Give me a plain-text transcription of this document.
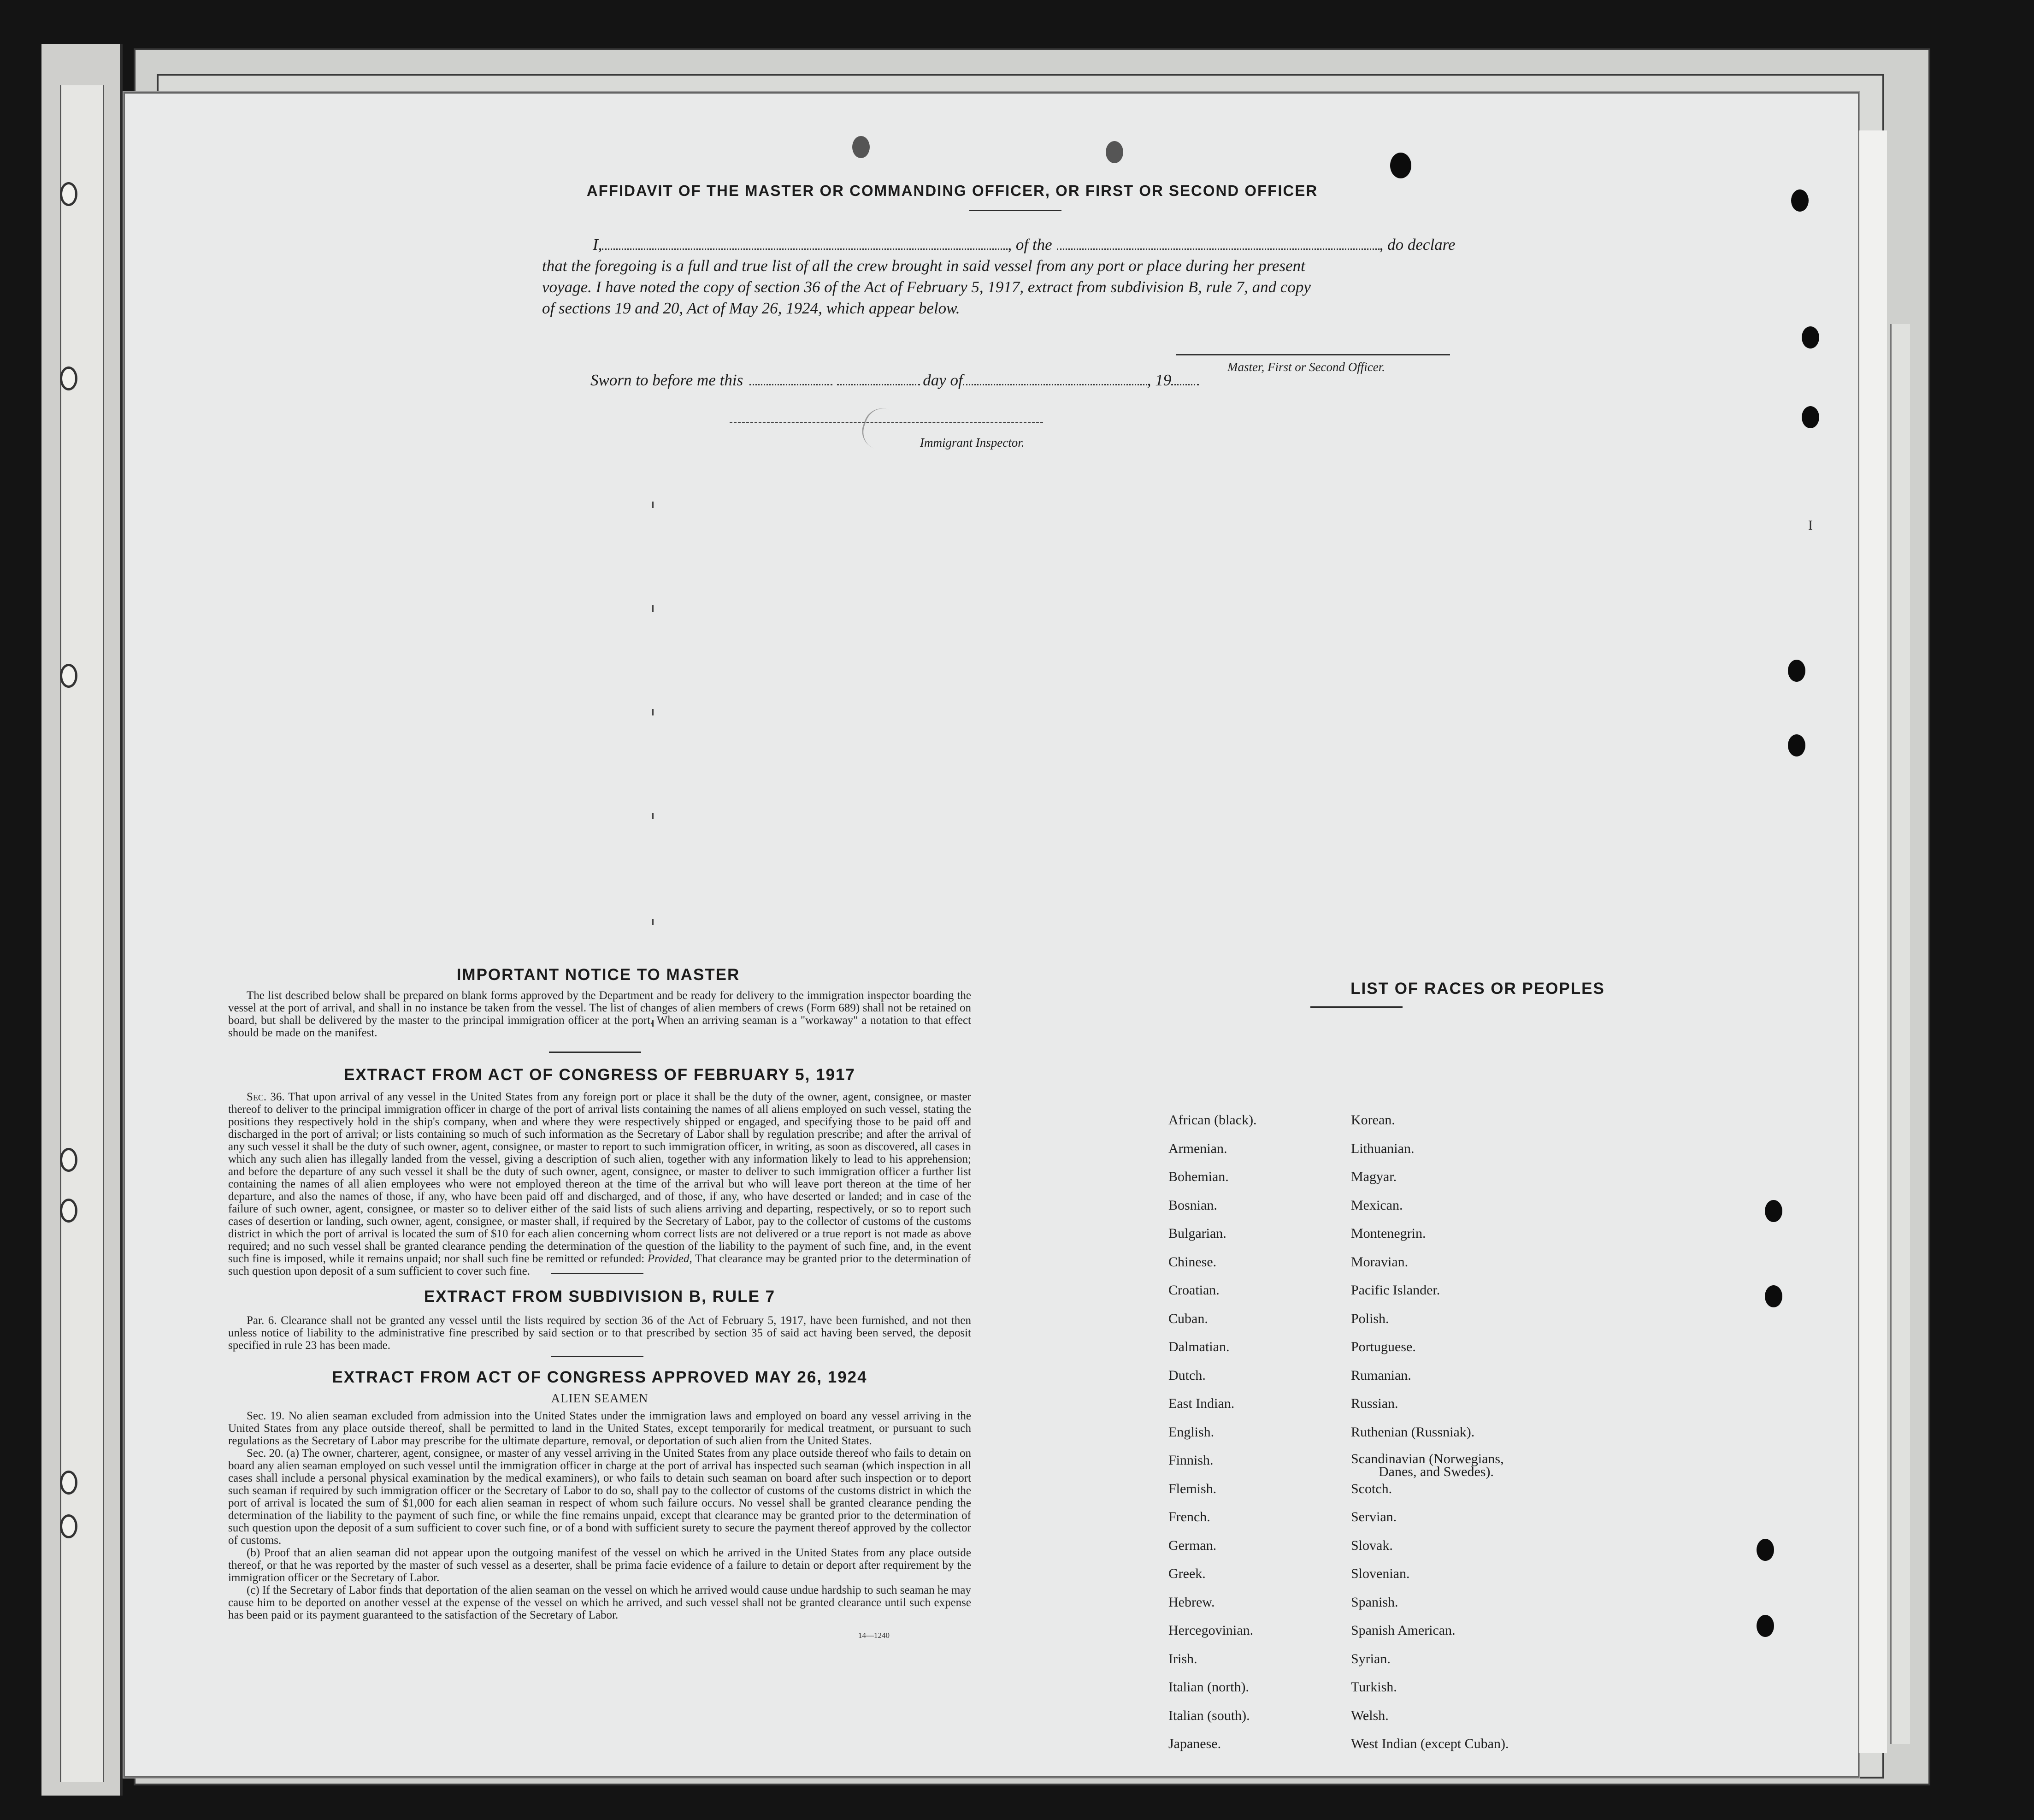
I
AFFIDAVIT OF THE MASTER OR COMMANDING OFFICER, OR FIRST OR SECOND OFFICER
I,	, of the	, do declare
that the foregoing is a full and true list of all the crew brought in said vessel from any port or place during her present
voyage. I have noted the copy of section 36 of the Act of February 5, 1917, extract from subdivision B, rule 7, and copy
of sections 19 and 20, Act of May 26, 1924, which appear below.
Master, First or Second Officer.
Sworn to before me this	day of	, 19
Immigrant Inspector.
IMPORTANT NOTICE TO MASTER
The list described below shall be prepared on blank forms approved by the Department and be ready for delivery to the immigration inspector boarding the vessel at the port of arrival, and shall in no instance be taken from the vessel. The list of changes of alien members of crews (Form 689) shall not be retained on board, but shall be delivered by the master to the principal immigration officer at the port. When an arriving seaman is a "workaway" a notation to that effect should be made on the manifest.
EXTRACT FROM ACT OF CONGRESS OF FEBRUARY 5, 1917
Sec. 36. That upon arrival of any vessel in the United States from any foreign port or place it shall be the duty of the owner, agent, consignee, or master thereof to deliver to the principal immigration officer in charge of the port of arrival lists containing the names of all aliens employed on such vessel, stating the positions they respectively hold in the ship's company, when and where they were respectively shipped or engaged, and specifying those to be paid off and discharged in the port of arrival; or lists containing so much of such information as the Secretary of Labor shall by regulation prescribe; and after the arrival of any such vessel it shall be the duty of such owner, agent, consignee, or master to report to such immigration officer, in writing, as soon as discovered, all cases in which any such alien has illegally landed from the vessel, giving a description of such alien, together with any information likely to lead to his apprehension; and before the departure of any such vessel it shall be the duty of such owner, agent, consignee, or master to deliver to such immigration officer a further list containing the names of all alien employees who were not employed thereon at the time of the arrival but who will leave port thereon at the time of her departure, and also the names of those, if any, who have been paid off and discharged, and of those, if any, who have deserted or landed; and in case of the failure of such owner, agent, consignee, or master so to deliver either of the said lists of such aliens arriving and departing, respectively, or so to report such cases of desertion or landing, such owner, agent, consignee, or master shall, if required by the Secretary of Labor, pay to the collector of customs of the customs district in which the port of arrival is located the sum of $10 for each alien concerning whom correct lists are not delivered or a true report is not made as above required; and no such vessel shall be granted clearance pending the determination of the question of the liability to the payment of such fine, and, in the event such fine is imposed, while it remains unpaid; nor shall such fine be remitted or refunded: Provided, That clearance may be granted prior to the determination of such question upon deposit of a sum sufficient to cover such fine.
EXTRACT FROM SUBDIVISION B, RULE 7
Par. 6. Clearance shall not be granted any vessel until the lists required by section 36 of the Act of February 5, 1917, have been furnished, and not then unless notice of liability to the administrative fine prescribed by said section or to that prescribed by section 35 of said act having been served, the deposit specified in rule 23 has been made.
EXTRACT FROM ACT OF CONGRESS APPROVED MAY 26, 1924
ALIEN SEAMEN
Sec. 19. No alien seaman excluded from admission into the United States under the immigration laws and employed on board any vessel arriving in the United States from any place outside thereof, shall be permitted to land in the United States, except temporarily for medical treatment, or pursuant to such regulations as the Secretary of Labor may prescribe for the ultimate departure, removal, or deportation of such alien from the United States.
Sec. 20. (a) The owner, charterer, agent, consignee, or master of any vessel arriving in the United States from any place outside thereof who fails to detain on board any alien seaman employed on such vessel until the immigration officer in charge at the port of arrival has inspected such seaman (which inspection in all cases shall include a personal physical examination by the medical examiners), or who fails to detain such seaman on board after such inspection or to deport such seaman if required by such immigration officer or the Secretary of Labor to do so, shall pay to the collector of customs of the customs district in which the port of arrival is located the sum of $1,000 for each alien seaman in respect of whom such failure occurs. No vessel shall be granted clearance pending the determination of the liability to the payment of such fine, or while the fine remains unpaid, except that clearance may be granted prior to the determination of such question upon the deposit of a sum sufficient to cover such fine, or of a bond with sufficient surety to secure the payment thereof approved by the collector of customs.
(b) Proof that an alien seaman did not appear upon the outgoing manifest of the vessel on which he arrived in the United States from any place outside thereof, or that he was reported by the master of such vessel as a deserter, shall be prima facie evidence of a failure to detain or deport after requirement by the immigration officer or the Secretary of Labor.
(c) If the Secretary of Labor finds that deportation of the alien seaman on the vessel on which he arrived would cause undue hardship to such seaman he may cause him to be deported on another vessel at the expense of the vessel on which he arrived, and such vessel shall not be granted clearance until such expense has been paid or its payment guaranteed to the satisfaction of the Secretary of Labor.
14—1240
LIST OF RACES OR PEOPLES
African (black).
Armenian.
Bohemian.
Bosnian.
Bulgarian.
Chinese.
Croatian.
Cuban.
Dalmatian.
Dutch.
East Indian.
English.
Finnish.
Flemish.
French.
German.
Greek.
Hebrew.
Hercegovinian.
Irish.
Italian (north).
Italian (south).
Japanese.
Korean.
Lithuanian.
Magyar.
Mexican.
Montenegrin.
Moravian.
Pacific Islander.
Polish.
Portuguese.
Rumanian.
Russian.
Ruthenian (Russniak).
Scandinavian (Norwegians,
Danes, and Swedes).
Scotch.
Servian.
Slovak.
Slovenian.
Spanish.
Spanish American.
Syrian.
Turkish.
Welsh.
West Indian (except Cuban).
